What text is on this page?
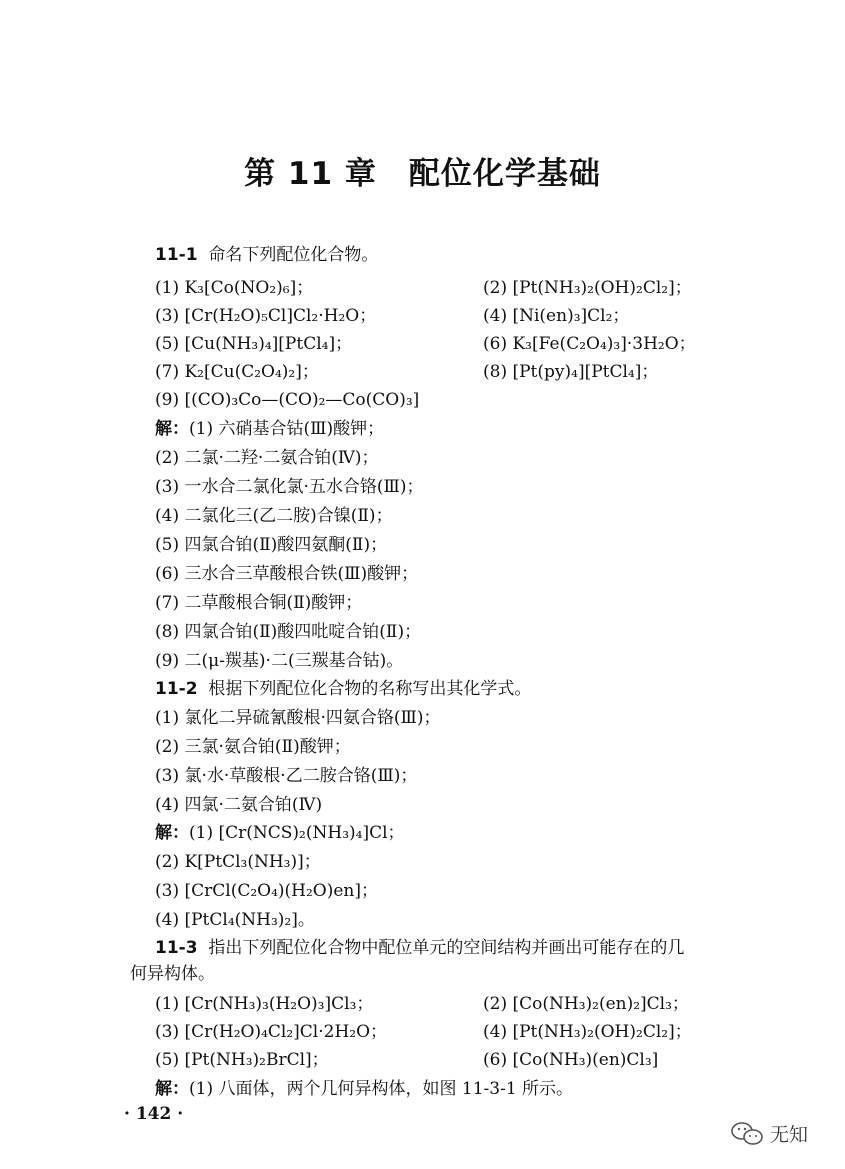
第 11 章　配位化学基础
11-1 命名下列配位化合物。
(1) K₃[Co(NO₂)₆]；	(2) [Pt(NH₃)₂(OH)₂Cl₂]；
(3) [Cr(H₂O)₅Cl]Cl₂·H₂O；	(4) [Ni(en)₃]Cl₂；
(5) [Cu(NH₃)₄][PtCl₄]；	(6) K₃[Fe(C₂O₄)₃]·3H₂O；
(7) K₂[Cu(C₂O₄)₂]；	(8) [Pt(py)₄][PtCl₄]；
(9) [(CO)₃Co—(CO)₂—Co(CO)₃]
解：(1) 六硝基合钴(Ⅲ)酸钾；
(2) 二氯·二羟·二氨合铂(Ⅳ)；
(3) 一水合二氯化氯·五水合铬(Ⅲ)；
(4) 二氯化三(乙二胺)合镍(Ⅱ)；
(5) 四氯合铂(Ⅱ)酸四氨酮(Ⅱ)；
(6) 三水合三草酸根合铁(Ⅲ)酸钾；
(7) 二草酸根合铜(Ⅱ)酸钾；
(8) 四氯合铂(Ⅱ)酸四吡啶合铂(Ⅱ)；
(9) 二(μ-羰基)·二(三羰基合钴)。
11-2 根据下列配位化合物的名称写出其化学式。
(1) 氯化二异硫氰酸根·四氨合铬(Ⅲ)；
(2) 三氯·氨合铂(Ⅱ)酸钾；
(3) 氯·水·草酸根·乙二胺合铬(Ⅲ)；
(4) 四氯·二氨合铂(Ⅳ)
解：(1) [Cr(NCS)₂(NH₃)₄]Cl；
(2) K[PtCl₃(NH₃)]；
(3) [CrCl(C₂O₄)(H₂O)en]；
(4) [PtCl₄(NH₃)₂]。
11-3 指出下列配位化合物中配位单元的空间结构并画出可能存在的几
何异构体。
(1) [Cr(NH₃)₃(H₂O)₃]Cl₃；	(2) [Co(NH₃)₂(en)₂]Cl₃；
(3) [Cr(H₂O)₄Cl₂]Cl·2H₂O；	(4) [Pt(NH₃)₂(OH)₂Cl₂]；
(5) [Pt(NH₃)₂BrCl]；	(6) [Co(NH₃)(en)Cl₃]
解：(1) 八面体，两个几何异构体，如图 11-3-1 所示。
· 142 ·
无知
